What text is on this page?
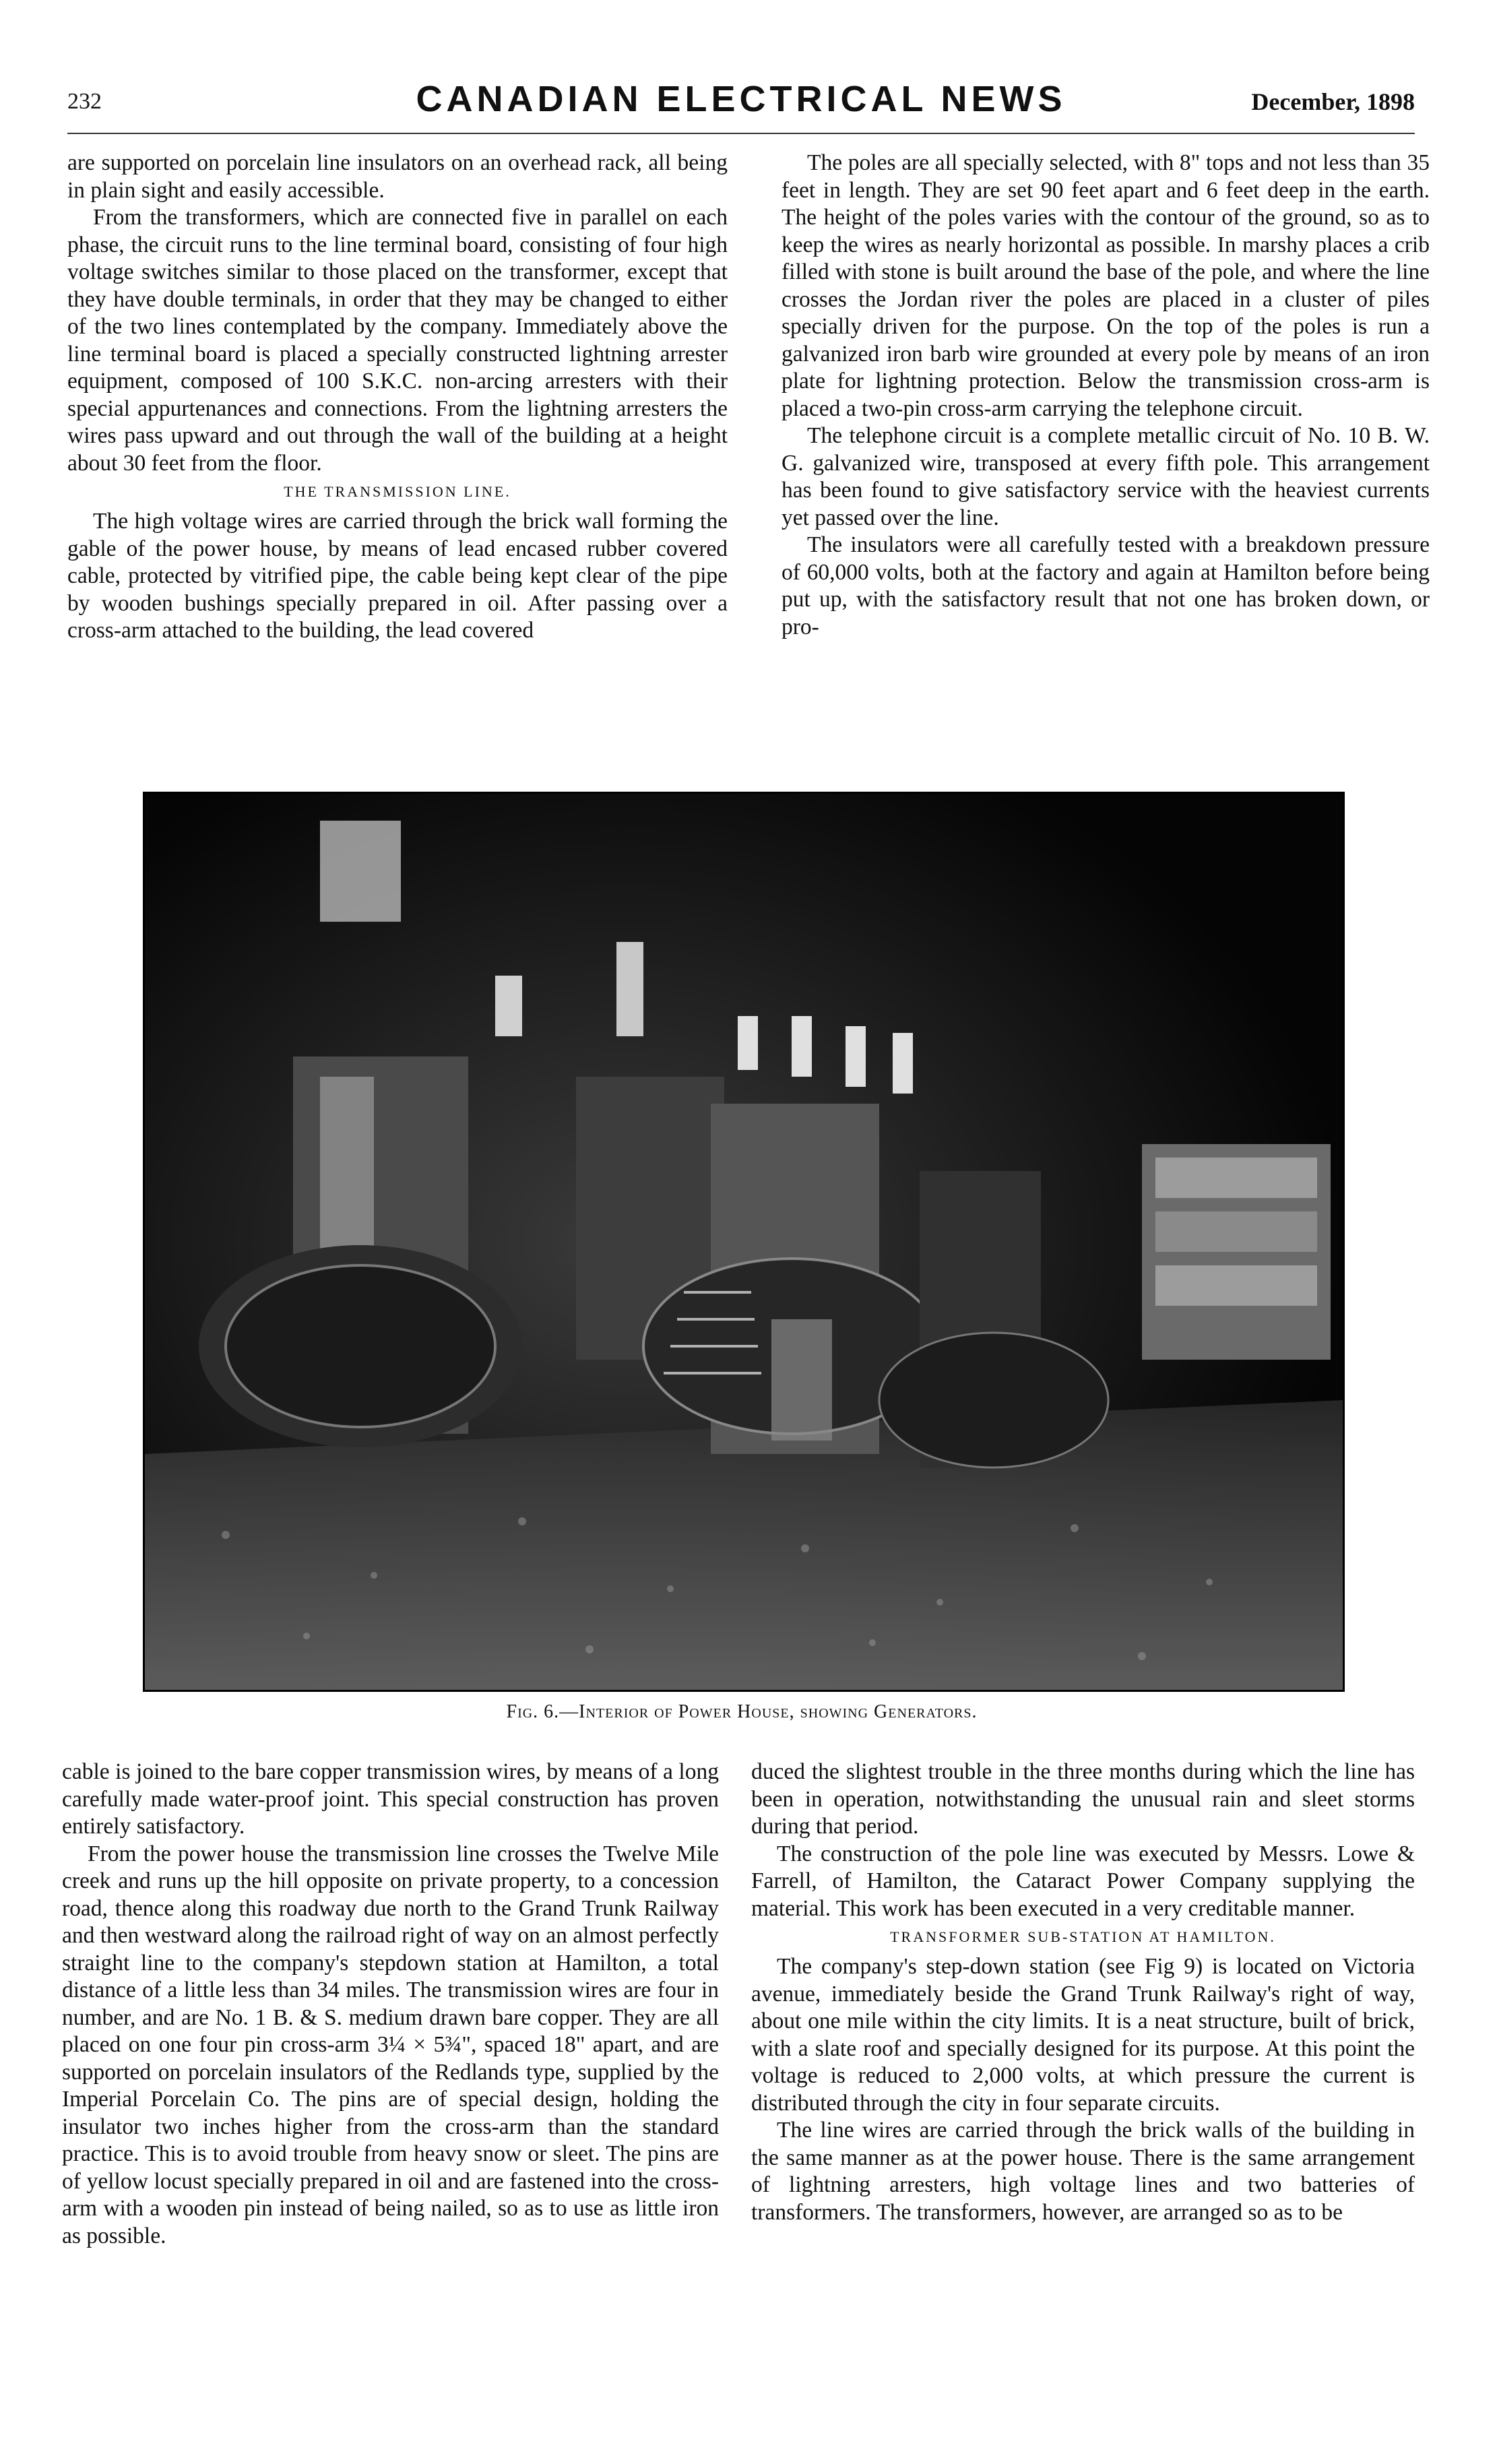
232	CANADIAN ELECTRICAL NEWS	December, 1898

are supported on porcelain line insulators on an overhead rack, all being in plain sight and easily accessible.

From the transformers, which are connected five in parallel on each phase, the circuit runs to the line terminal board, consisting of four high voltage switches similar to those placed on the transformer, except that they have double terminals, in order that they may be changed to either of the two lines contemplated by the company. Immediately above the line terminal board is placed a specially constructed lightning arrester equipment, composed of 100 S.K.C. non-arcing arresters with their special appurtenances and connections. From the lightning arresters the wires pass upward and out through the wall of the building at a height about 30 feet from the floor.

THE TRANSMISSION LINE.

The high voltage wires are carried through the brick wall forming the gable of the power house, by means of lead encased rubber covered cable, protected by vitrified pipe, the cable being kept clear of the pipe by wooden bushings specially prepared in oil. After passing over a cross-arm attached to the building, the lead covered

The poles are all specially selected, with 8" tops and not less than 35 feet in length. They are set 90 feet apart and 6 feet deep in the earth. The height of the poles varies with the contour of the ground, so as to keep the wires as nearly horizontal as possible. In marshy places a crib filled with stone is built around the base of the pole, and where the line crosses the Jordan river the poles are placed in a cluster of piles specially driven for the purpose. On the top of the poles is run a galvanized iron barb wire grounded at every pole by means of an iron plate for lightning protection. Below the transmission cross-arm is placed a two-pin cross-arm carrying the telephone circuit.

The telephone circuit is a complete metallic circuit of No. 10 B. W. G. galvanized wire, transposed at every fifth pole. This arrangement has been found to give satisfactory service with the heaviest currents yet passed over the line.

The insulators were all carefully tested with a breakdown pressure of 60,000 volts, both at the factory and again at Hamilton before being put up, with the satisfactory result that not one has broken down, or pro-

Fig. 6.—Interior of Power House, showing Generators.

cable is joined to the bare copper transmission wires, by means of a long carefully made water-proof joint. This special construction has proven entirely satisfactory.

From the power house the transmission line crosses the Twelve Mile creek and runs up the hill opposite on private property, to a concession road, thence along this roadway due north to the Grand Trunk Railway and then westward along the railroad right of way on an almost perfectly straight line to the company's stepdown station at Hamilton, a total distance of a little less than 34 miles. The transmission wires are four in number, and are No. 1 B. & S. medium drawn bare copper. They are all placed on one four pin cross-arm 3¼ × 5¾", spaced 18" apart, and are supported on porcelain insulators of the Redlands type, supplied by the Imperial Porcelain Co. The pins are of special design, holding the insulator two inches higher from the cross-arm than the standard practice. This is to avoid trouble from heavy snow or sleet. The pins are of yellow locust specially prepared in oil and are fastened into the cross-arm with a wooden pin instead of being nailed, so as to use as little iron as possible.

duced the slightest trouble in the three months during which the line has been in operation, notwithstanding the unusual rain and sleet storms during that period.

The construction of the pole line was executed by Messrs. Lowe & Farrell, of Hamilton, the Cataract Power Company supplying the material. This work has been executed in a very creditable manner.

TRANSFORMER SUB-STATION AT HAMILTON.

The company's step-down station (see Fig 9) is located on Victoria avenue, immediately beside the Grand Trunk Railway's right of way, about one mile within the city limits. It is a neat structure, built of brick, with a slate roof and specially designed for its purpose. At this point the voltage is reduced to 2,000 volts, at which pressure the current is distributed through the city in four separate circuits.

The line wires are carried through the brick walls of the building in the same manner as at the power house. There is the same arrangement of lightning arresters, high voltage lines and two batteries of transformers. The transformers, however, are arranged so as to be
